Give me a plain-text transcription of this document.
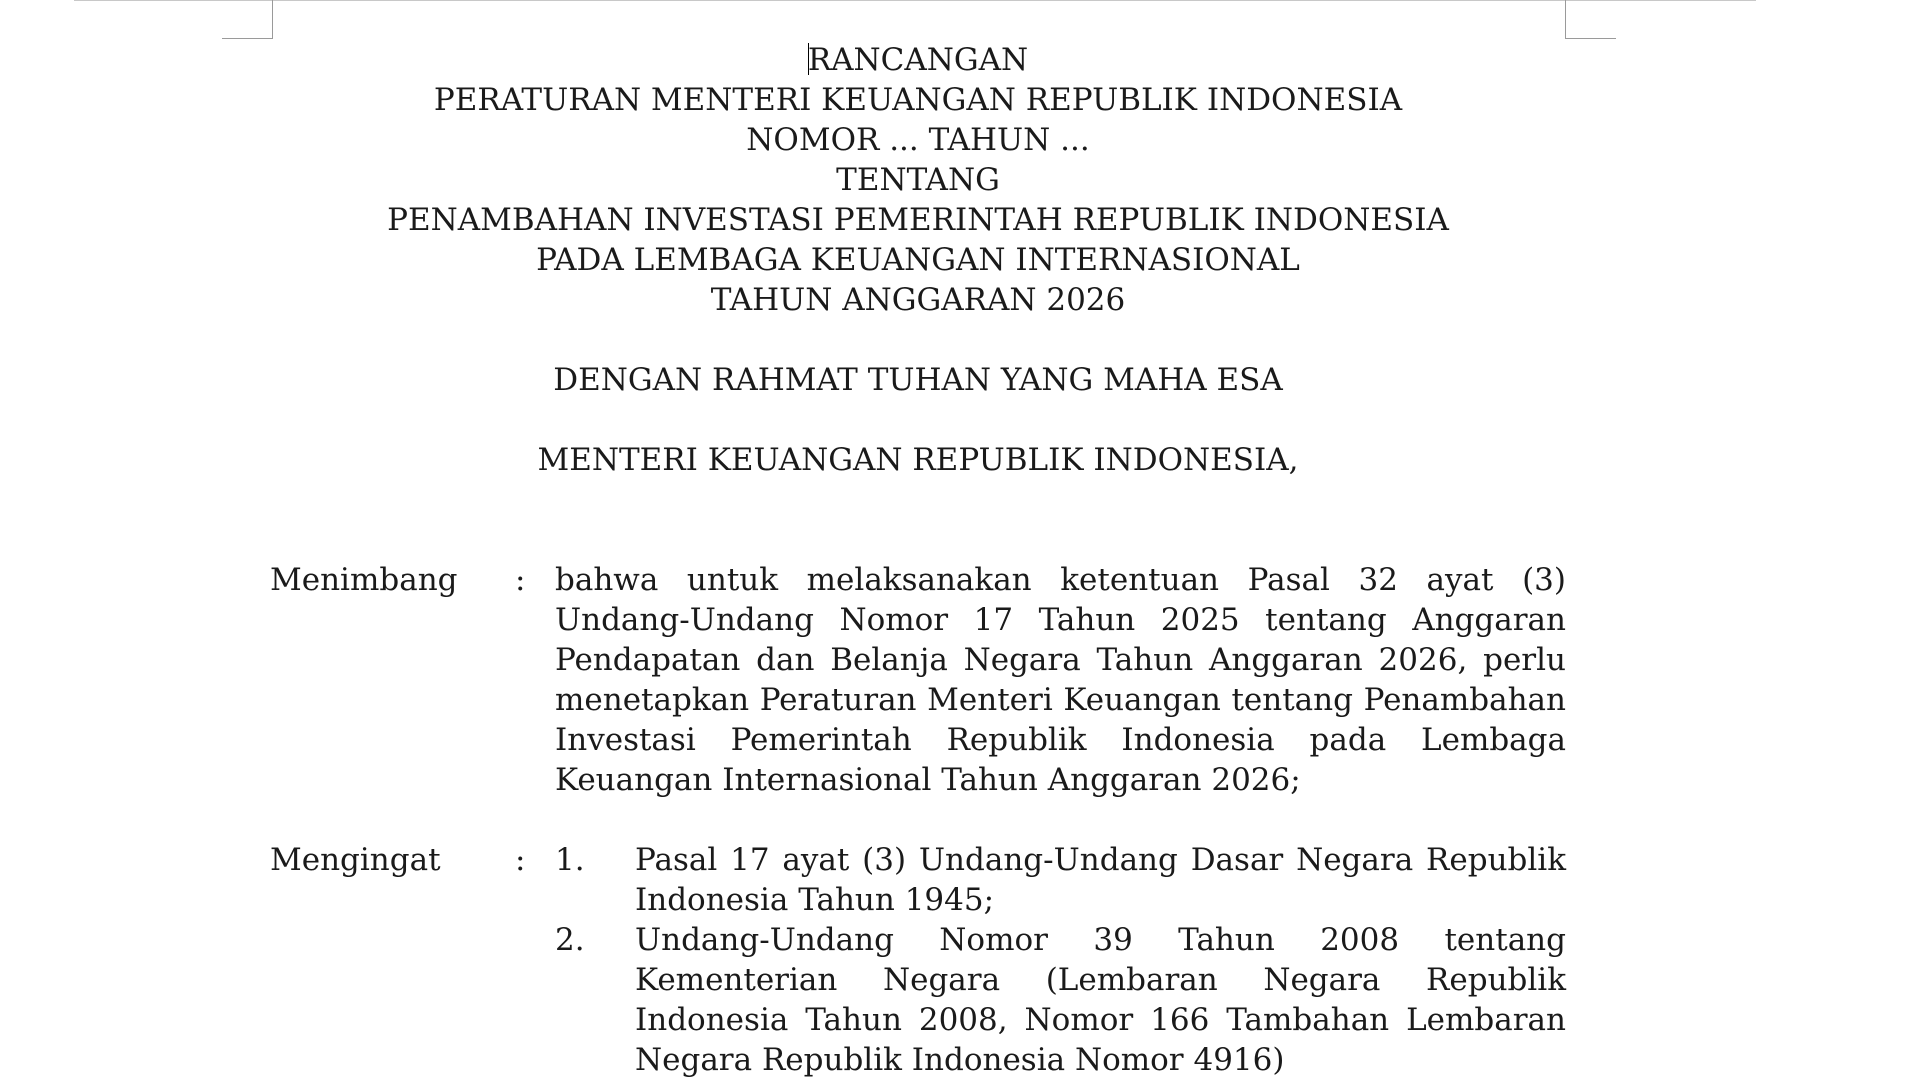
RANCANGAN
PERATURAN MENTERI KEUANGAN REPUBLIK INDONESIA
NOMOR ... TAHUN ...
TENTANG
PENAMBAHAN INVESTASI PEMERINTAH REPUBLIK INDONESIA
PADA LEMBAGA KEUANGAN INTERNASIONAL
TAHUN ANGGARAN 2026
DENGAN RAHMAT TUHAN YANG MAHA ESA
MENTERI KEUANGAN REPUBLIK INDONESIA,
Menimbang	: bahwa untuk melaksanakan ketentuan Pasal 32 ayat (3) Undang-Undang Nomor 17 Tahun 2025 tentang Anggaran Pendapatan dan Belanja Negara Tahun Anggaran 2026, perlu menetapkan Peraturan Menteri Keuangan tentang Penambahan Investasi Pemerintah Republik Indonesia pada Lembaga Keuangan Internasional Tahun Anggaran 2026;
Mengingat	: 1.	Pasal 17 ayat (3) Undang-Undang Dasar Negara Republik Indonesia Tahun 1945;
2.	Undang-Undang Nomor 39 Tahun 2008 tentang Kementerian Negara (Lembaran Negara Republik Indonesia Tahun 2008, Nomor 166 Tambahan Lembaran Negara Republik Indonesia Nomor 4916)
